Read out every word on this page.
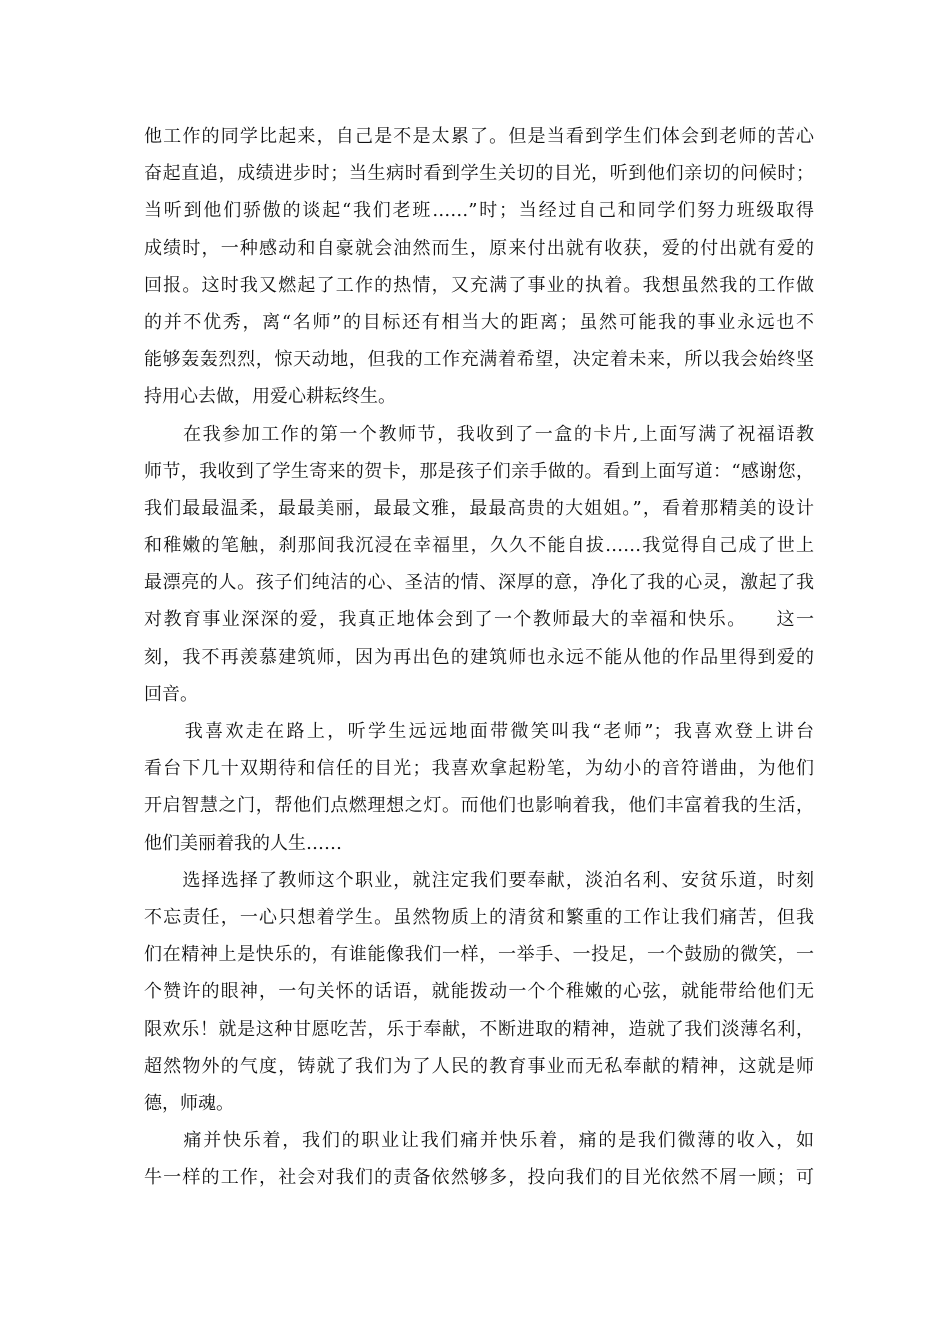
他工作的同学比起来，自己是不是太累了。但是当看到学生们体会到老师的苦心
奋起直追，成绩进步时；当生病时看到学生关切的目光，听到他们亲切的问候时；
当听到他们骄傲的谈起“我们老班……”时；当经过自己和同学们努力班级取得
成绩时，一种感动和自豪就会油然而生，原来付出就有收获，爱的付出就有爱的
回报。这时我又燃起了工作的热情，又充满了事业的执着。我想虽然我的工作做
的并不优秀，离“名师”的目标还有相当大的距离；虽然可能我的事业永远也不
能够轰轰烈烈，惊天动地，但我的工作充满着希望，决定着未来，所以我会始终坚
持用心去做，用爱心耕耘终生。
　　在我参加工作的第一个教师节，我收到了一盒的卡片,上面写满了祝福语教
师节，我收到了学生寄来的贺卡，那是孩子们亲手做的。看到上面写道：“感谢您，
我们最最温柔，最最美丽，最最文雅，最最高贵的大姐姐。”，看着那精美的设计
和稚嫩的笔触，刹那间我沉浸在幸福里，久久不能自拔……我觉得自己成了世上
最漂亮的人。孩子们纯洁的心、圣洁的情、深厚的意，净化了我的心灵，激起了我
对教育事业深深的爱，我真正地体会到了一个教师最大的幸福和快乐。　　这一
刻，我不再羡慕建筑师，因为再出色的建筑师也永远不能从他的作品里得到爱的
回音。
　　我喜欢走在路上，听学生远远地面带微笑叫我“老师”；我喜欢登上讲台
看台下几十双期待和信任的目光；我喜欢拿起粉笔，为幼小的音符谱曲，为他们
开启智慧之门，帮他们点燃理想之灯。而他们也影响着我，他们丰富着我的生活，
他们美丽着我的人生……
　　选择选择了教师这个职业，就注定我们要奉献，淡泊名利、安贫乐道，时刻
不忘责任，一心只想着学生。虽然物质上的清贫和繁重的工作让我们痛苦，但我
们在精神上是快乐的，有谁能像我们一样，一举手、一投足，一个鼓励的微笑，一
个赞许的眼神，一句关怀的话语，就能拨动一个个稚嫩的心弦，就能带给他们无
限欢乐！就是这种甘愿吃苦，乐于奉献，不断进取的精神，造就了我们淡薄名利，
超然物外的气度，铸就了我们为了人民的教育事业而无私奉献的精神，这就是师
德，师魂。
　　痛并快乐着，我们的职业让我们痛并快乐着，痛的是我们微薄的收入，如
牛一样的工作，社会对我们的责备依然够多，投向我们的目光依然不屑一顾；可
